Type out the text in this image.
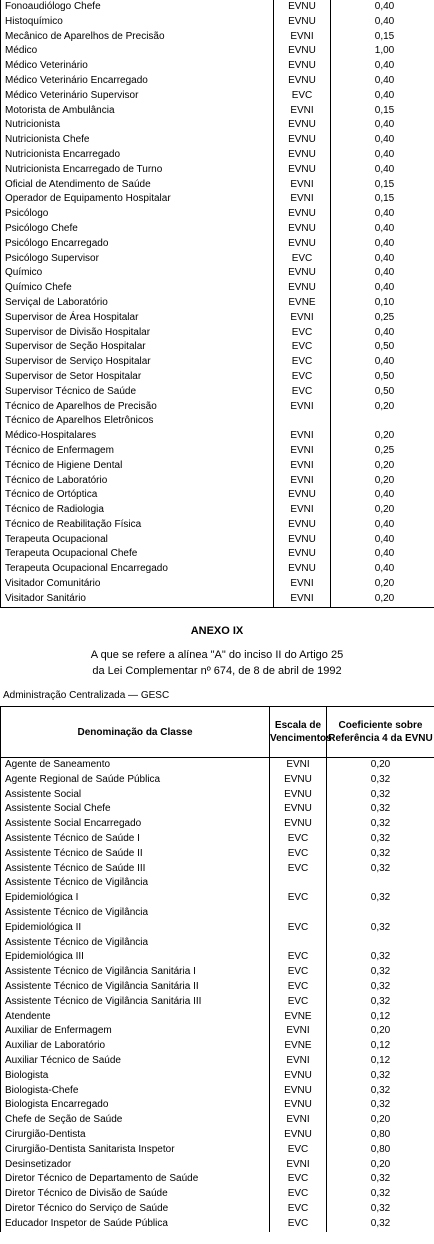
Fonoaudiólogo Chefe	EVNU	0,40
Histoquímico	EVNU	0,40
Mecânico de Aparelhos de Precisão	EVNI	0,15
Médico	EVNU	1,00
Médico Veterinário	EVNU	0,40
Médico Veterinário Encarregado	EVNU	0,40
Médico Veterinário Supervisor	EVC	0,40
Motorista de Ambulância	EVNI	0,15
Nutricionista	EVNU	0,40
Nutricionista Chefe	EVNU	0,40
Nutricionista Encarregado	EVNU	0,40
Nutricionista Encarregado de Turno	EVNU	0,40
Oficial de Atendimento de Saúde	EVNI	0,15
Operador de Equipamento Hospitalar	EVNI	0,15
Psicólogo	EVNU	0,40
Psicólogo Chefe	EVNU	0,40
Psicólogo Encarregado	EVNU	0,40
Psicólogo Supervisor	EVC	0,40
Químico	EVNU	0,40
Químico Chefe	EVNU	0,40
Serviçal de Laboratório	EVNE	0,10
Supervisor de Área Hospitalar	EVNI	0,25
Supervisor de Divisão Hospitalar	EVC	0,40
Supervisor de Seção Hospitalar	EVC	0,50
Supervisor de Serviço Hospitalar	EVC	0,40
Supervisor de Setor Hospitalar	EVC	0,50
Supervisor Técnico de Saúde	EVC	0,50
Técnico de Aparelhos de Precisão	EVNI	0,20
Técnico de Aparelhos Eletrônicos		
Médico-Hospitalares	EVNI	0,20
Técnico de Enfermagem	EVNI	0,25
Técnico de Higiene Dental	EVNI	0,20
Técnico de Laboratório	EVNI	0,20
Técnico de Ortóptica	EVNU	0,40
Técnico de Radiologia	EVNI	0,20
Técnico de Reabilitação Física	EVNU	0,40
Terapeuta Ocupacional	EVNU	0,40
Terapeuta Ocupacional Chefe	EVNU	0,40
Terapeuta Ocupacional Encarregado	EVNU	0,40
Visitador Comunitário	EVNI	0,20
Visitador Sanitário	EVNI	0,20
ANEXO IX
A que se refere a alínea "A" do inciso II do Artigo 25
da Lei Complementar nº 674, de 8 de abril de 1992
Administração Centralizada — GESC
Denominação da Classe	Escala de Vencimentos	Coeficiente sobre Referência 4 da EVNU
Agente de Saneamento	EVNI	0,20
Agente Regional de Saúde Pública	EVNU	0,32
Assistente Social	EVNU	0,32
Assistente Social Chefe	EVNU	0,32
Assistente Social Encarregado	EVNU	0,32
Assistente Técnico de Saúde I	EVC	0,32
Assistente Técnico de Saúde II	EVC	0,32
Assistente Técnico de Saúde III	EVC	0,32
Assistente Técnico de Vigilância		
Epidemiológica I	EVC	0,32
Assistente Técnico de Vigilância		
Epidemiológica II	EVC	0,32
Assistente Técnico de Vigilância		
Epidemiológica III	EVC	0,32
Assistente Técnico de Vigilância Sanitária I	EVC	0,32
Assistente Técnico de Vigilância Sanitária II	EVC	0,32
Assistente Técnico de Vigilância Sanitária III	EVC	0,32
Atendente	EVNE	0,12
Auxiliar de Enfermagem	EVNI	0,20
Auxiliar de Laboratório	EVNE	0,12
Auxiliar Técnico de Saúde	EVNI	0,12
Biologista	EVNU	0,32
Biologista-Chefe	EVNU	0,32
Biologista Encarregado	EVNU	0,32
Chefe de Seção de Saúde	EVNI	0,20
Cirurgião-Dentista	EVNU	0,80
Cirurgião-Dentista Sanitarista Inspetor	EVC	0,80
Desinsetizador	EVNI	0,20
Diretor Técnico de Departamento de Saúde	EVC	0,32
Diretor Técnico de Divisão de Saúde	EVC	0,32
Diretor Técnico do Serviço de Saúde	EVC	0,32
Educador Inspetor de Saúde Pública	EVC	0,32
